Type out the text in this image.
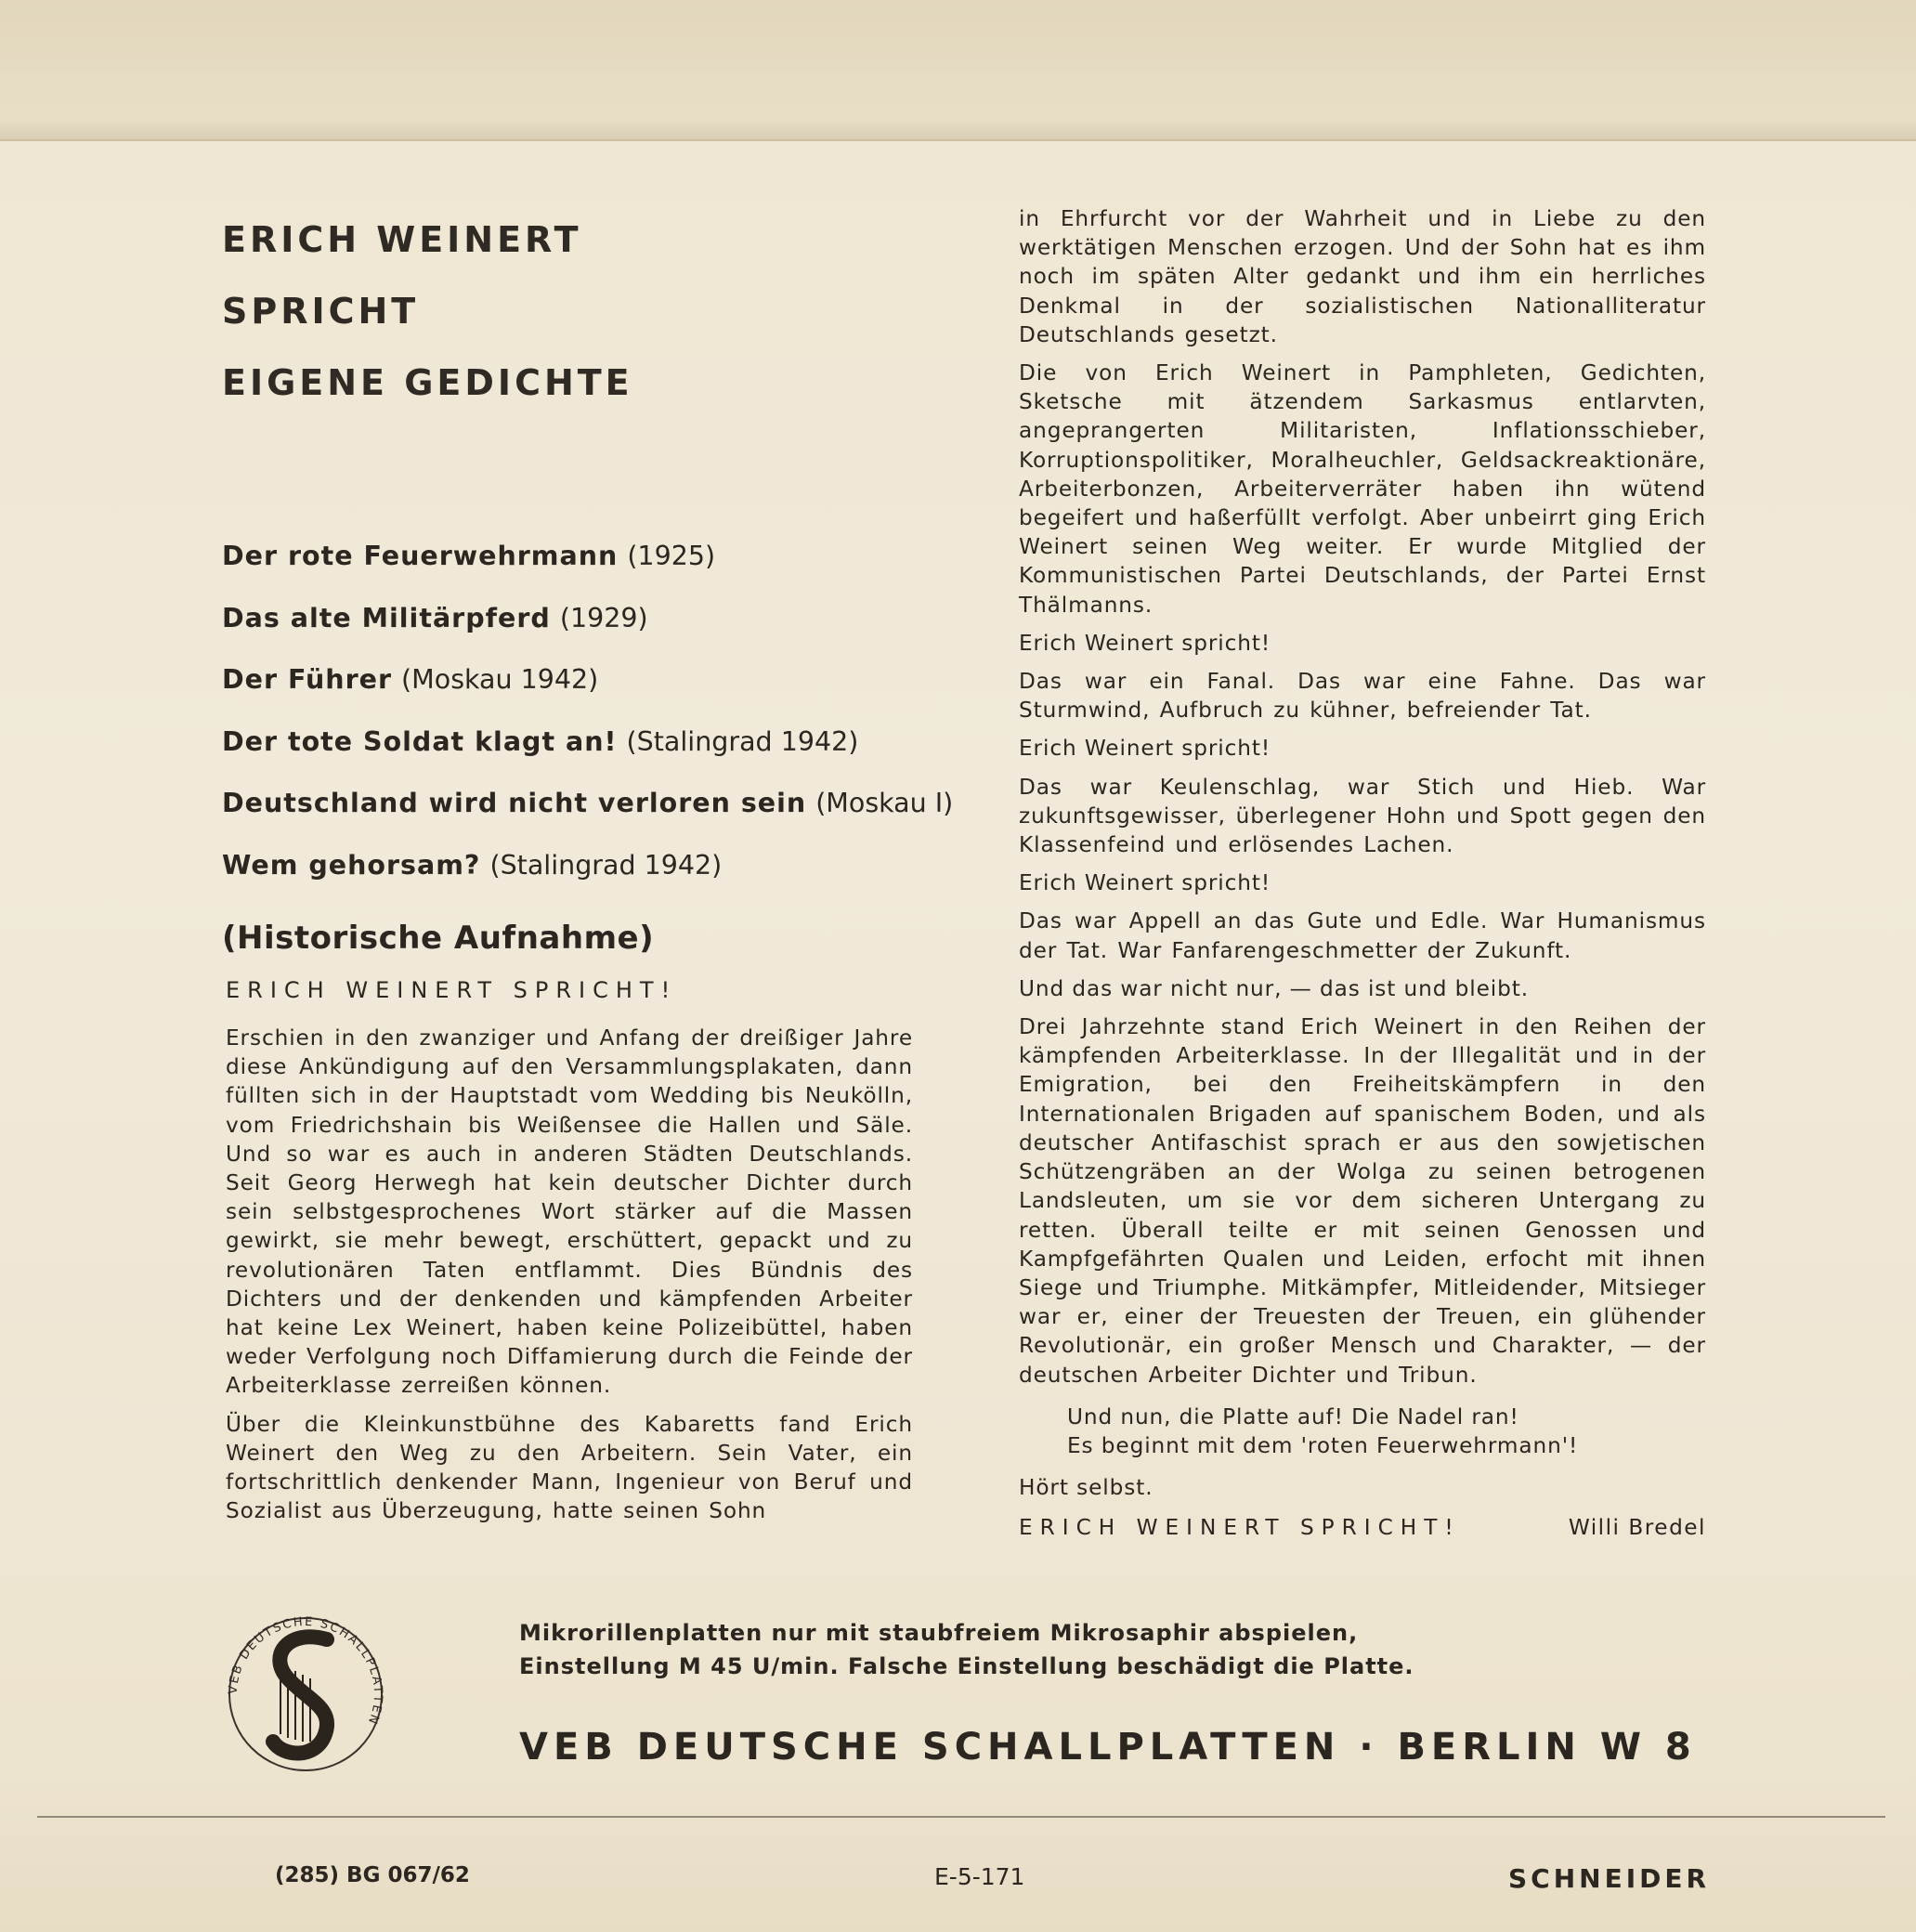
ERICH WEINERT
SPRICHT
EIGENE GEDICHTE
Der rote Feuerwehrmann (1925)
Das alte Militärpferd (1929)
Der Führer (Moskau 1942)
Der tote Soldat klagt an! (Stalingrad 1942)
Deutschland wird nicht verloren sein (Moskau I)
Wem gehorsam? (Stalingrad 1942)
(Historische Aufnahme)
ERICH WEINERT SPRICHT!

Erschien in den zwanziger und Anfang der dreißiger Jahre diese Ankündigung auf den Versammlungsplakaten, dann füllten sich in der Hauptstadt vom Wedding bis Neukölln, vom Friedrichshain bis Weißensee die Hallen und Säle. Und so war es auch in anderen Städten Deutschlands. Seit Georg Herwegh hat kein deutscher Dichter durch sein selbstgesprochenes Wort stärker auf die Massen gewirkt, sie mehr bewegt, erschüttert, gepackt und zu revolutionären Taten entflammt. Dies Bündnis des Dichters und der denkenden und kämpfenden Arbeiter hat keine Lex Weinert, haben keine Polizeibüttel, haben weder Verfolgung noch Diffamierung durch die Feinde der Arbeiterklasse zerreißen können.

Über die Kleinkunstbühne des Kabaretts fand Erich Weinert den Weg zu den Arbeitern. Sein Vater, ein fortschrittlich denkender Mann, Ingenieur von Beruf und Sozialist aus Überzeugung, hatte seinen Sohn

in Ehrfurcht vor der Wahrheit und in Liebe zu den werktätigen Menschen erzogen. Und der Sohn hat es ihm noch im späten Alter gedankt und ihm ein herrliches Denkmal in der sozialistischen Nationalliteratur Deutschlands gesetzt.

Die von Erich Weinert in Pamphleten, Gedichten, Sketsche mit ätzendem Sarkasmus entlarvten, angeprangerten Militaristen, Inflationsschieber, Korruptionspolitiker, Moralheuchler, Geldsackreaktionäre, Arbeiterbonzen, Arbeiterverräter haben ihn wütend begeifert und haßerfüllt verfolgt. Aber unbeirrt ging Erich Weinert seinen Weg weiter. Er wurde Mitglied der Kommunistischen Partei Deutschlands, der Partei Ernst Thälmanns.

Erich Weinert spricht!

Das war ein Fanal. Das war eine Fahne. Das war Sturmwind, Aufbruch zu kühner, befreiender Tat.

Erich Weinert spricht!

Das war Keulenschlag, war Stich und Hieb. War zukunftsgewisser, überlegener Hohn und Spott gegen den Klassenfeind und erlösendes Lachen.

Erich Weinert spricht!

Das war Appell an das Gute und Edle. War Humanismus der Tat. War Fanfarengeschmetter der Zukunft.

Und das war nicht nur, — das ist und bleibt.

Drei Jahrzehnte stand Erich Weinert in den Reihen der kämpfenden Arbeiterklasse. In der Illegalität und in der Emigration, bei den Freiheitskämpfern in den Internationalen Brigaden auf spanischem Boden, und als deutscher Antifaschist sprach er aus den sowjetischen Schützengräben an der Wolga zu seinen betrogenen Landsleuten, um sie vor dem sicheren Untergang zu retten. Überall teilte er mit seinen Genossen und Kampfgefährten Qualen und Leiden, erfocht mit ihnen Siege und Triumphe. Mitkämpfer, Mitleidender, Mitsieger war er, einer der Treuesten der Treuen, ein glühender Revolutionär, ein großer Mensch und Charakter, — der deutschen Arbeiter Dichter und Tribun.

Und nun, die Platte auf! Die Nadel ran!
Es beginnt mit dem 'roten Feuerwehrmann'!

Hört selbst.

ERICH WEINERT SPRICHT!	Willi Bredel
VEB DEUTSCHE SCHALLPLATTEN
Mikrorillenplatten nur mit staubfreiem Mikrosaphir abspielen,
Einstellung M 45 U/min. Falsche Einstellung beschädigt die Platte.
VEB DEUTSCHE SCHALLPLATTEN · BERLIN W 8
(285) BG 067/62	E-5-171	SCHNEIDER
